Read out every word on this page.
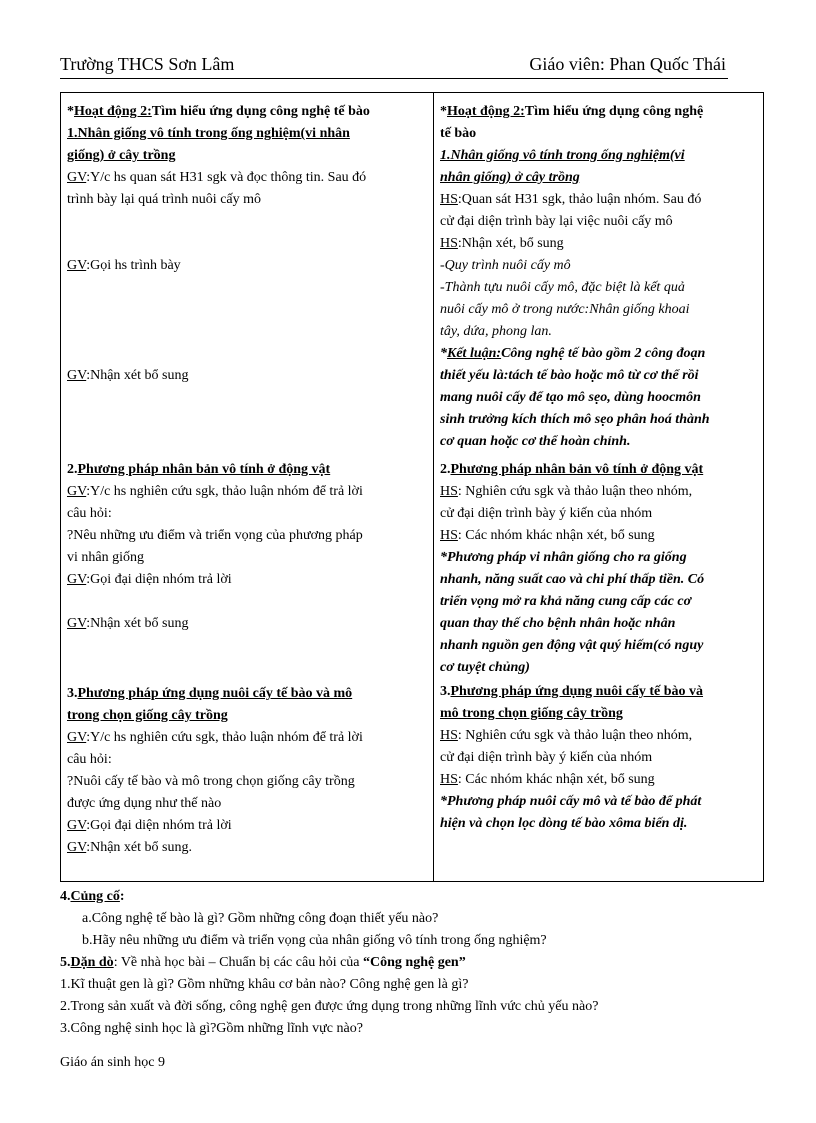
Trường THCS Sơn Lâm	Giáo viên: Phan Quốc Thái
*Hoạt động 2:Tìm hiểu ứng dụng công nghệ tế bào
1.Nhân giống vô tính trong ống nghiệm(vi nhân
giống) ở cây trồng
GV:Y/c hs quan sát H31 sgk và đọc thông tin. Sau đó
trình bày lại quá trình nuôi cấy mô
GV:Gọi hs trình bày
GV:Nhận xét bổ sung
2.Phương pháp nhân bản vô tính ở động vật
GV:Y/c hs nghiên cứu sgk, thảo luận nhóm để trả lời
câu hỏi:
?Nêu những ưu điểm và triển vọng của phương pháp
vi nhân giống
GV:Gọi đại diện nhóm trả lời
GV:Nhận xét bổ sung
3.Phương pháp ứng dụng nuôi cấy tế bào và mô
trong chọn giống cây trồng
GV:Y/c hs nghiên cứu sgk, thảo luận nhóm để trả lời
câu hỏi:
?Nuôi cấy tế bào và mô trong chọn giống cây trồng
được ứng dụng như thế nào
GV:Gọi đại diện nhóm trả lời
GV:Nhận xét bổ sung.
*Hoạt động 2:Tìm hiểu ứng dụng công nghệ
tế bào
1.Nhân giống vô tính trong ống nghiệm(vi
nhân giống) ở cây trồng
HS:Quan sát H31 sgk, thảo luận nhóm. Sau đó
cử đại diện trình bày lại việc nuôi cấy mô
HS:Nhận xét, bổ sung
-Quy trình nuôi cấy mô
-Thành tựu nuôi cấy mô, đặc biệt là kết quả
nuôi cấy mô ở trong nước:Nhân giống khoai
tây, dứa, phong lan.
*Kết luận:Công nghệ tế bào gồm 2 công đoạn
thiết yếu là:tách tế bào hoặc mô từ cơ thể rồi
mang nuôi cấy để tạo mô sẹo, dùng hoocmôn
sinh trưởng kích thích mô sẹo phân hoá thành
cơ quan hoặc cơ thể hoàn chỉnh.
2.Phương pháp nhân bản vô tính ở động vật
HS: Nghiên cứu sgk và thảo luận theo nhóm,
cử đại diện trình bày ý kiến của nhóm
HS: Các nhóm khác nhận xét, bổ sung
*Phương pháp vi nhân giống cho ra giống
nhanh, năng suất cao và chi phí thấp tiền. Có
triển vọng mở ra khả năng cung cấp các cơ
quan thay thế cho bệnh nhân hoặc nhân
nhanh nguồn gen động vật quý hiếm(có nguy
cơ tuyệt chủng)
3.Phương pháp ứng dụng nuôi cấy tế bào và
mô trong chọn giống cây trồng
HS: Nghiên cứu sgk và thảo luận theo nhóm,
cử đại diện trình bày ý kiến của nhóm
HS: Các nhóm khác nhận xét, bổ sung
*Phương pháp nuôi cấy mô và tế bào để phát
hiện và chọn lọc dòng tế bào xôma biến dị.
4.Củng cố:
a.Công nghệ tế bào là gì? Gồm những công đoạn thiết yếu nào?
b.Hãy nêu những ưu điểm và triển vọng của nhân giống vô tính trong ống nghiệm?
5.Dặn dò: Về nhà học bài – Chuẩn bị các câu hỏi của “Công nghệ gen”
1.Kĩ thuật gen là gì? Gồm những khâu cơ bản nào? Công nghệ gen là gì?
2.Trong sản xuất và đời sống, công nghệ gen được ứng dụng trong những lĩnh vức chủ yếu nào?
3.Công nghệ sinh học là gì?Gồm những lĩnh vực nào?
Giáo án sinh học 9
